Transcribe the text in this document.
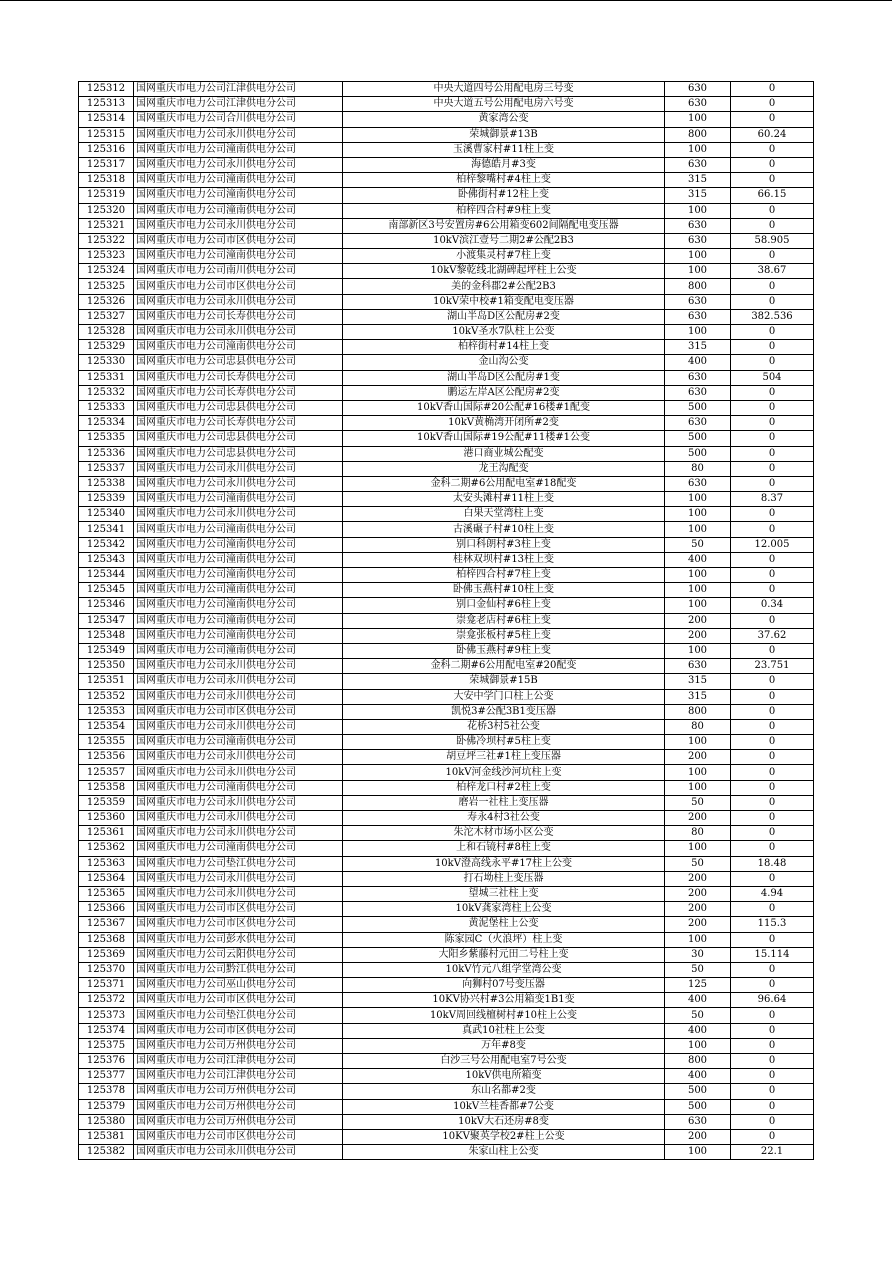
125312	国网重庆市电力公司江津供电分公司	中央大道四号公用配电房三号变	630	0
125313	国网重庆市电力公司江津供电分公司	中央大道五号公用配电房六号变	630	0
125314	国网重庆市电力公司合川供电分公司	黄家湾公变	100	0
125315	国网重庆市电力公司永川供电分公司	荣城御景#13B	800	60.24
125316	国网重庆市电力公司潼南供电分公司	玉溪曹家村#11柱上变	100	0
125317	国网重庆市电力公司永川供电分公司	海德皓月#3变	630	0
125318	国网重庆市电力公司潼南供电分公司	柏梓黎嘴村#4柱上变	315	0
125319	国网重庆市电力公司潼南供电分公司	卧佛街村#12柱上变	315	66.15
125320	国网重庆市电力公司潼南供电分公司	柏梓四合村#9柱上变	100	0
125321	国网重庆市电力公司永川供电分公司	南部新区3号安置房#6公用箱变602间隔配电变压器	630	0
125322	国网重庆市电力公司市区供电分公司	10kV滨江壹号二期2#公配2B3	630	58.905
125323	国网重庆市电力公司潼南供电分公司	小渡集灵村#7柱上变	100	0
125324	国网重庆市电力公司南川供电分公司	10kV黎乾线北湖碑起坪柱上公变	100	38.67
125325	国网重庆市电力公司市区供电分公司	美的金科郡2#公配2B3	800	0
125326	国网重庆市电力公司永川供电分公司	10kV荣中校#1箱变配电变压器	630	0
125327	国网重庆市电力公司长寿供电分公司	湖山半岛D区公配房#2变	630	382.536
125328	国网重庆市电力公司永川供电分公司	10kV圣水7队柱上公变	100	0
125329	国网重庆市电力公司潼南供电分公司	柏梓街村#14柱上变	315	0
125330	国网重庆市电力公司忠县供电分公司	金山沟公变	400	0
125331	国网重庆市电力公司长寿供电分公司	湖山半岛D区公配房#1变	630	504
125332	国网重庆市电力公司长寿供电分公司	鹏运左岸A区公配房#2变	630	0
125333	国网重庆市电力公司忠县供电分公司	10kV香山国际#20公配#16楼#1配变	500	0
125334	国网重庆市电力公司长寿供电分公司	10kV黄桷湾开闭所#2变	630	0
125335	国网重庆市电力公司忠县供电分公司	10kV香山国际#19公配#11楼#1公变	500	0
125336	国网重庆市电力公司忠县供电分公司	港口商业城公配变	500	0
125337	国网重庆市电力公司永川供电分公司	龙王沟配变	80	0
125338	国网重庆市电力公司永川供电分公司	金科二期#6公用配电室#18配变	630	0
125339	国网重庆市电力公司潼南供电分公司	太安头滩村#11柱上变	100	8.37
125340	国网重庆市电力公司永川供电分公司	白果天堂湾柱上变	100	0
125341	国网重庆市电力公司潼南供电分公司	古溪碾子村#10柱上变	100	0
125342	国网重庆市电力公司潼南供电分公司	别口科朗村#3柱上变	50	12.005
125343	国网重庆市电力公司潼南供电分公司	桂林双坝村#13柱上变	400	0
125344	国网重庆市电力公司潼南供电分公司	柏梓四合村#7柱上变	100	0
125345	国网重庆市电力公司潼南供电分公司	卧佛玉燕村#10柱上变	100	0
125346	国网重庆市电力公司潼南供电分公司	别口金仙村#6柱上变	100	0.34
125347	国网重庆市电力公司潼南供电分公司	崇龛老店村#6柱上变	200	0
125348	国网重庆市电力公司潼南供电分公司	崇龛张板村#5柱上变	200	37.62
125349	国网重庆市电力公司潼南供电分公司	卧佛玉燕村#9柱上变	100	0
125350	国网重庆市电力公司永川供电分公司	金科二期#6公用配电室#20配变	630	23.751
125351	国网重庆市电力公司永川供电分公司	荣城御景#15B	315	0
125352	国网重庆市电力公司永川供电分公司	大安中学门口柱上公变	315	0
125353	国网重庆市电力公司市区供电分公司	凯悦3#公配3B1变压器	800	0
125354	国网重庆市电力公司永川供电分公司	花桥3村5社公变	80	0
125355	国网重庆市电力公司潼南供电分公司	卧佛冷坝村#5柱上变	100	0
125356	国网重庆市电力公司永川供电分公司	胡豆坪三社#1柱上变压器	200	0
125357	国网重庆市电力公司永川供电分公司	10kV河金线沙河坑柱上变	100	0
125358	国网重庆市电力公司潼南供电分公司	柏梓龙口村#2柱上变	100	0
125359	国网重庆市电力公司永川供电分公司	磨岩一社柱上变压器	50	0
125360	国网重庆市电力公司永川供电分公司	寿永4村3社公变	200	0
125361	国网重庆市电力公司永川供电分公司	朱沱木材市场小区公变	80	0
125362	国网重庆市电力公司潼南供电分公司	上和石镜村#8柱上变	100	0
125363	国网重庆市电力公司垫江供电分公司	10kV澄高线永平#17柱上公变	50	18.48
125364	国网重庆市电力公司永川供电分公司	打石坳柱上变压器	200	0
125365	国网重庆市电力公司永川供电分公司	望城三社柱上变	200	4.94
125366	国网重庆市电力公司市区供电分公司	10kV龚家湾柱上公变	200	0
125367	国网重庆市电力公司市区供电分公司	黄泥堡柱上公变	200	115.3
125368	国网重庆市电力公司彭水供电分公司	陈家园C（火浪坪）柱上变	100	0
125369	国网重庆市电力公司云阳供电分公司	大阳乡紫藤村元田二号柱上变	30	15.114
125370	国网重庆市电力公司黔江供电分公司	10kV竹元八组学堂湾公变	50	0
125371	国网重庆市电力公司巫山供电分公司	向狮村07号变压器	125	0
125372	国网重庆市电力公司市区供电分公司	10KV协兴村#3公用箱变1B1变	400	96.64
125373	国网重庆市电力公司垫江供电分公司	10kV周回线檀树村#10柱上公变	50	0
125374	国网重庆市电力公司市区供电分公司	真武10社柱上公变	400	0
125375	国网重庆市电力公司万州供电分公司	万年#8变	100	0
125376	国网重庆市电力公司江津供电分公司	白沙三号公用配电室7号公变	800	0
125377	国网重庆市电力公司江津供电分公司	10kV供电所箱变	400	0
125378	国网重庆市电力公司万州供电分公司	东山名都#2变	500	0
125379	国网重庆市电力公司万州供电分公司	10kV兰桂香都#7公变	500	0
125380	国网重庆市电力公司万州供电分公司	10kV大石还房#8变	630	0
125381	国网重庆市电力公司市区供电分公司	10KV聚英学校2#柱上公变	200	0
125382	国网重庆市电力公司永川供电分公司	朱家山柱上公变	100	22.1
